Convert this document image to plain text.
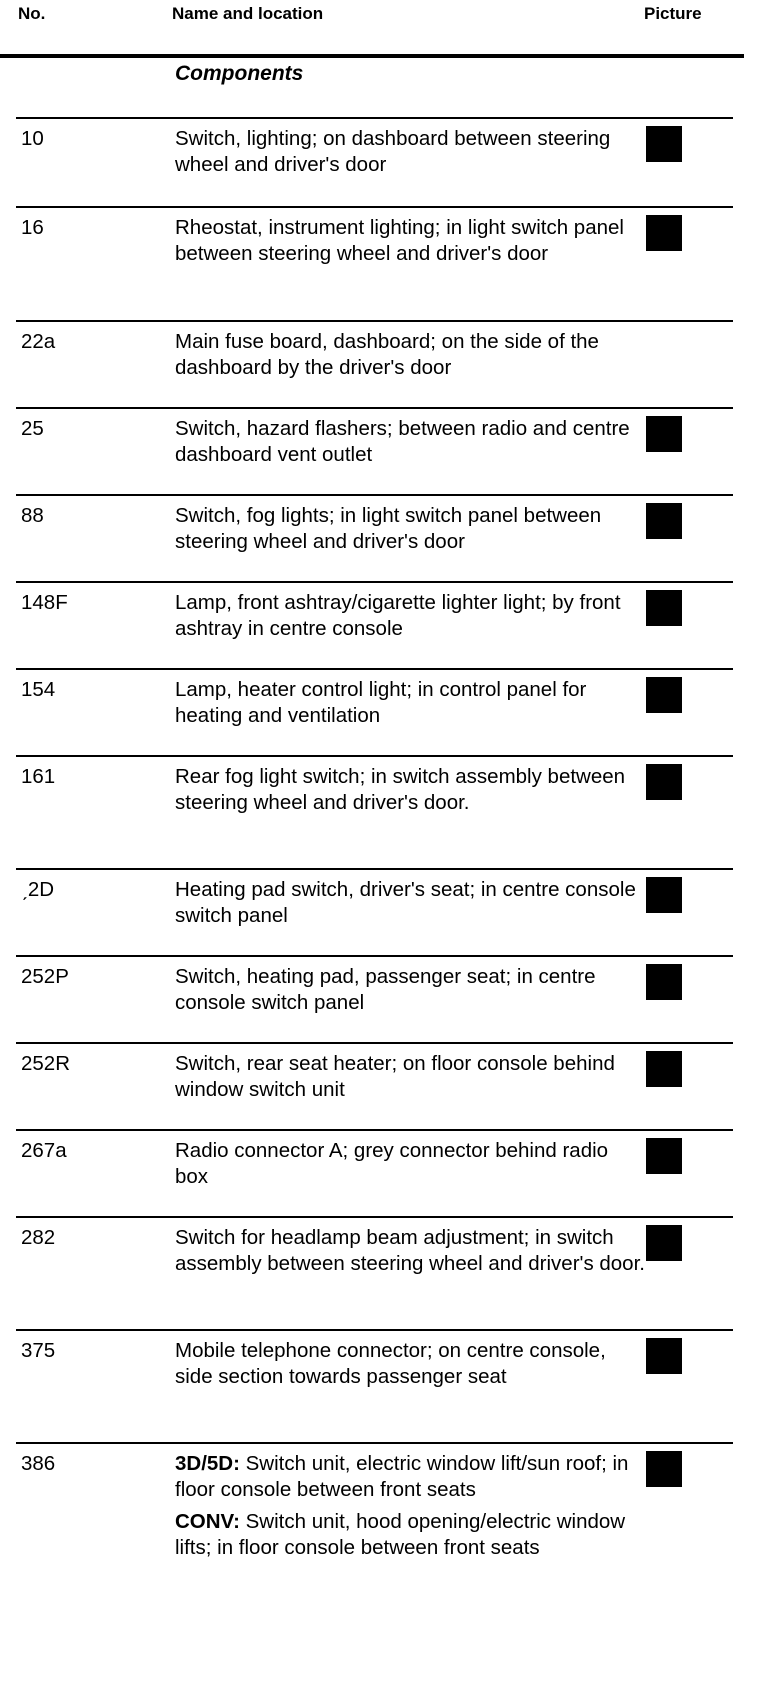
No.	Name and location	Picture
Components
10	Switch, lighting; on dashboard between steering wheel and driver's door

16	Rheostat, instrument lighting; in light switch panel between steering wheel and driver's door

22a	Main fuse board, dashboard; on the side of the dashboard by the driver's door

25	Switch, hazard flashers; between radio and centre dashboard vent outlet

88	Switch, fog lights; in light switch panel between steering wheel and driver's door

148F	Lamp, front ashtray/cigarette lighter light; by front ashtray in centre console

154	Lamp, heater control light; in control panel for heating and ventilation

161	Rear fog light switch; in switch assembly between steering wheel and driver's door.

ˏ2D	Heating pad switch, driver's seat; in centre console switch panel

252P	Switch, heating pad, passenger seat; in centre console switch panel

252R	Switch, rear seat heater; on floor console behind window switch unit

267a	Radio connector A; grey connector behind radio box

282	Switch for headlamp beam adjustment; in switch assembly between steering wheel and driver's door.

375	Mobile telephone connector; on centre console, side section towards passenger seat

386	3D/5D: Switch unit, electric window lift/sun roof; in floor console between front seats

CONV: Switch unit, hood opening/electric window lifts; in floor console between front seats
